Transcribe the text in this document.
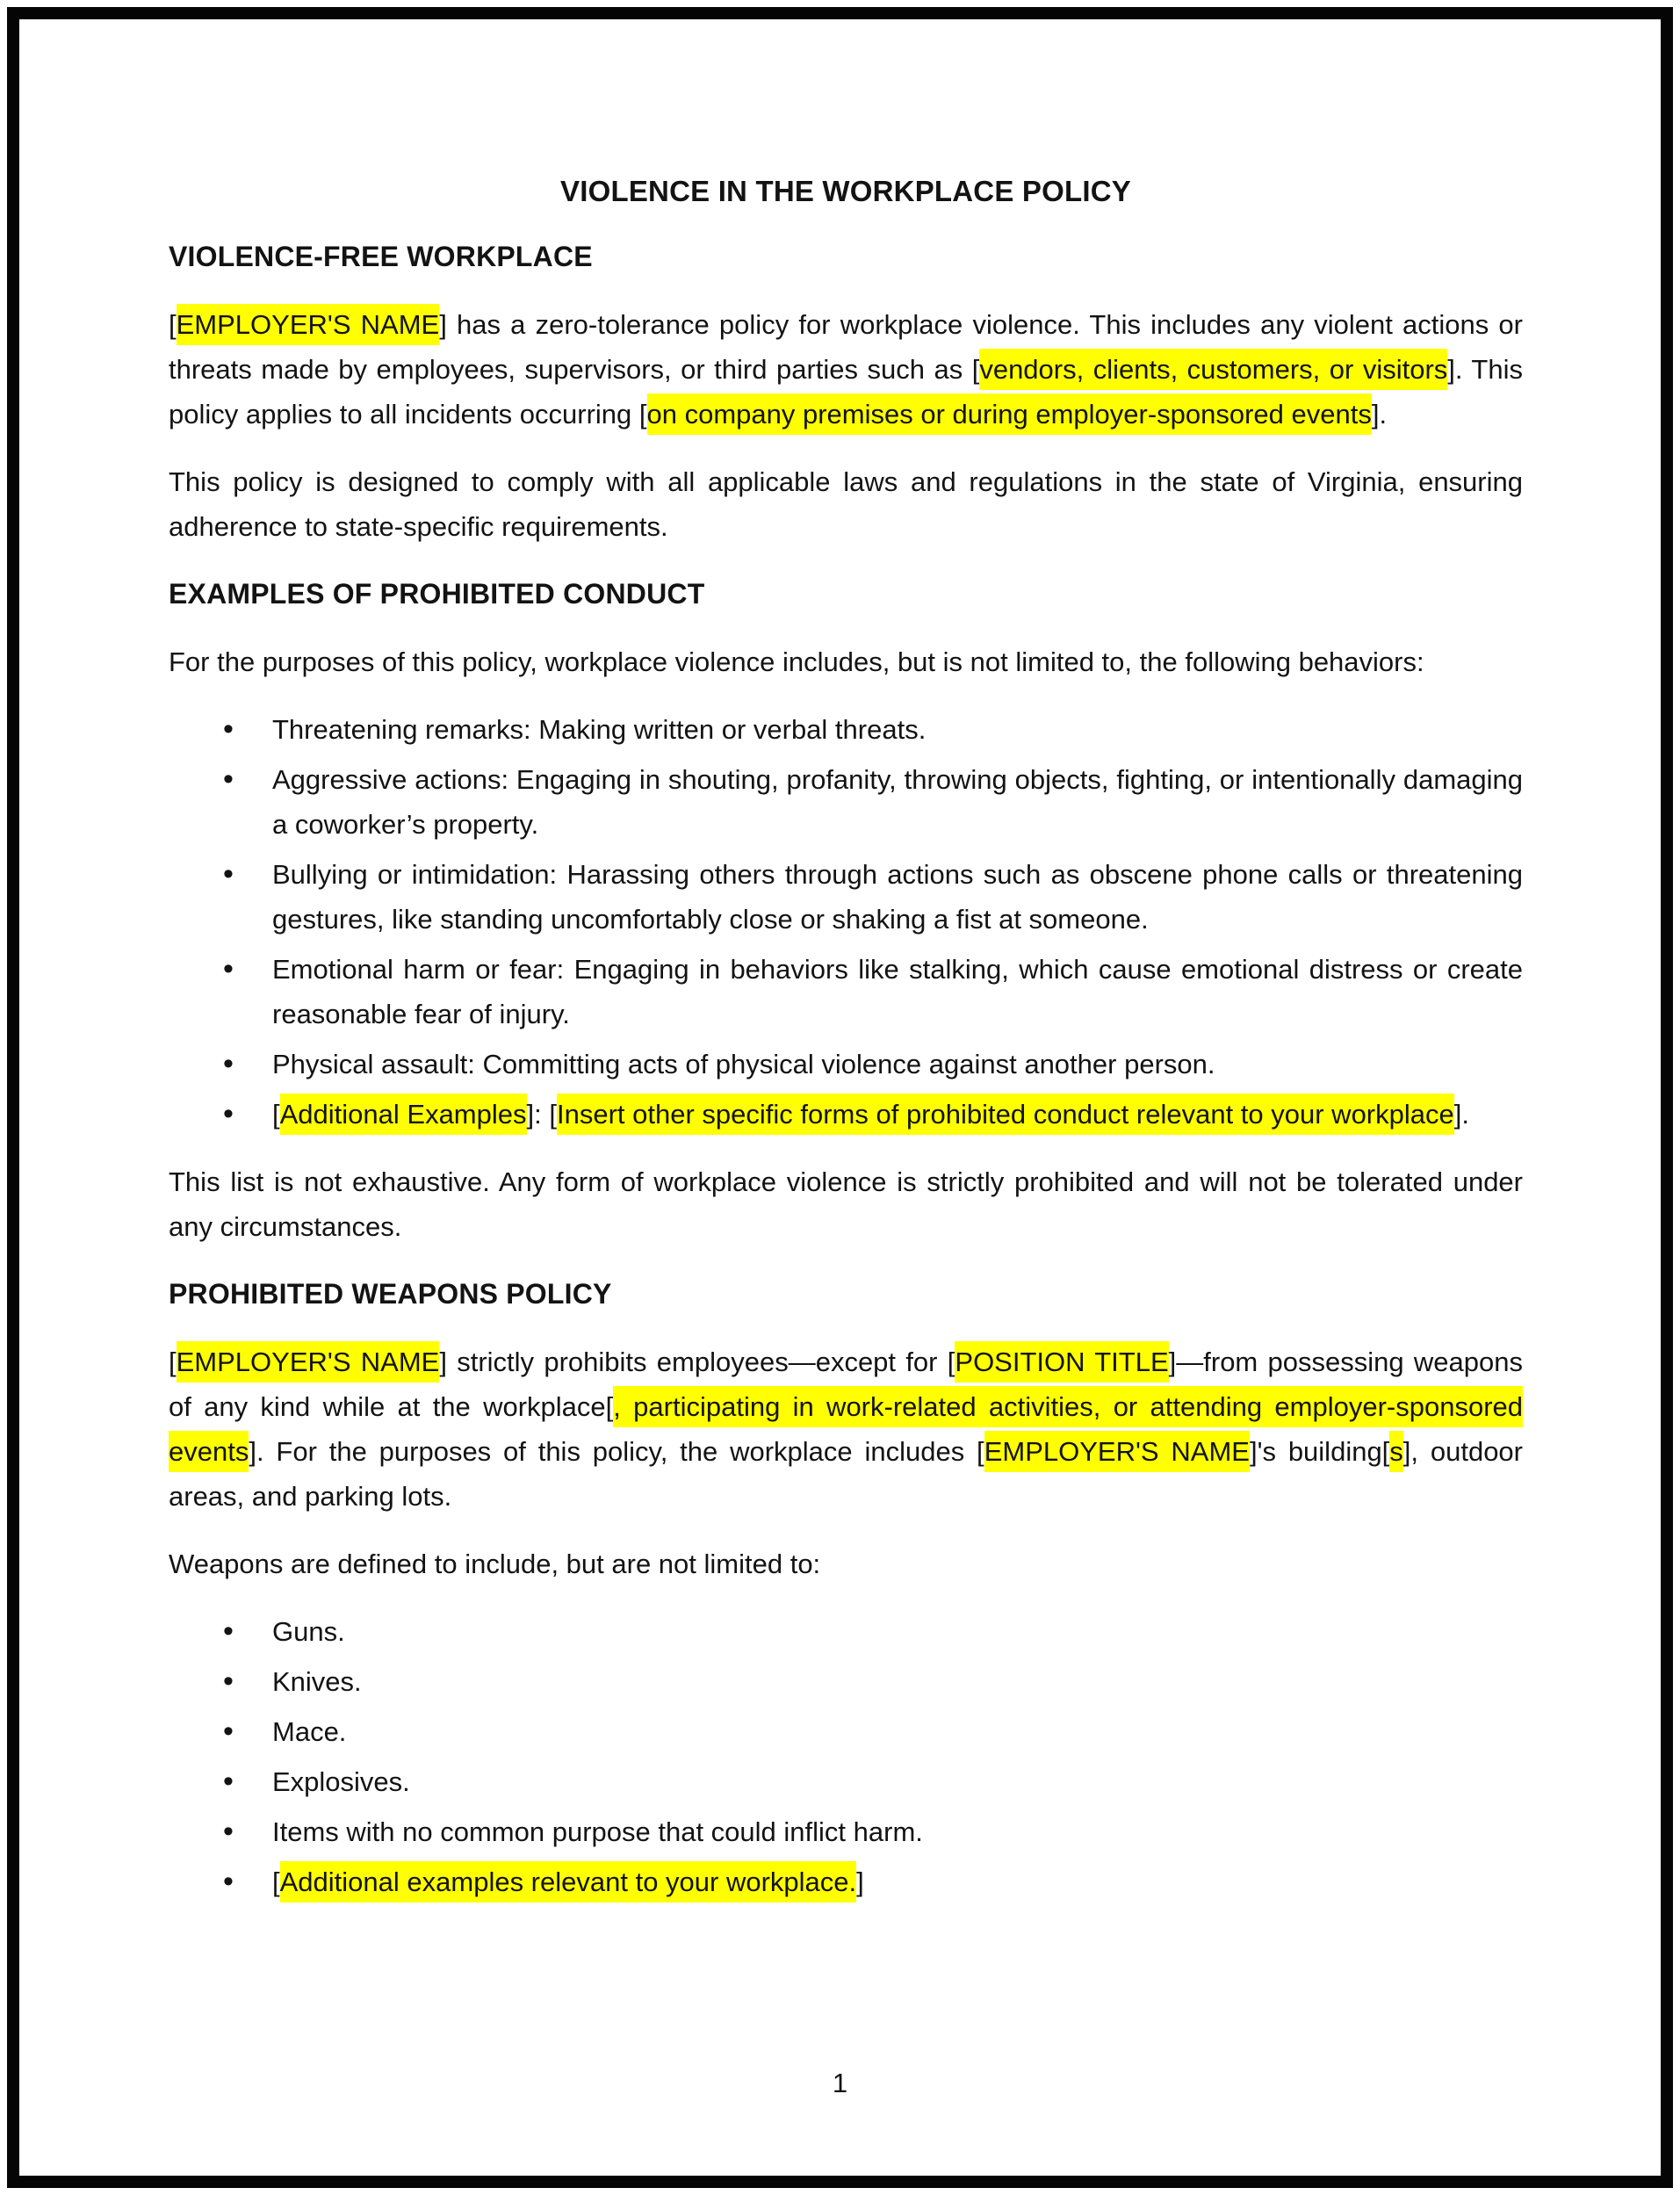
VIOLENCE IN THE WORKPLACE POLICY
VIOLENCE-FREE WORKPLACE
[EMPLOYER'S NAME] has a zero-tolerance policy for workplace violence. This includes any violent actions or threats made by employees, supervisors, or third parties such as [vendors, clients, customers, or visitors]. This policy applies to all incidents occurring [on company premises or during employer-sponsored events].
This policy is designed to comply with all applicable laws and regulations in the state of Virginia, ensuring adherence to state-specific requirements.
EXAMPLES OF PROHIBITED CONDUCT
For the purposes of this policy, workplace violence includes, but is not limited to, the following behaviors:
• Threatening remarks: Making written or verbal threats.
• Aggressive actions: Engaging in shouting, profanity, throwing objects, fighting, or intentionally damaging a coworker’s property.
• Bullying or intimidation: Harassing others through actions such as obscene phone calls or threatening gestures, like standing uncomfortably close or shaking a fist at someone.
• Emotional harm or fear: Engaging in behaviors like stalking, which cause emotional distress or create reasonable fear of injury.
• Physical assault: Committing acts of physical violence against another person.
• [Additional Examples]: [Insert other specific forms of prohibited conduct relevant to your workplace].
This list is not exhaustive. Any form of workplace violence is strictly prohibited and will not be tolerated under any circumstances.
PROHIBITED WEAPONS POLICY
[EMPLOYER'S NAME] strictly prohibits employees—except for [POSITION TITLE]—from possessing weapons of any kind while at the workplace[, participating in work-related activities, or attending employer-sponsored events]. For the purposes of this policy, the workplace includes [EMPLOYER'S NAME]'s building[s], outdoor areas, and parking lots.
Weapons are defined to include, but are not limited to:
• Guns.
• Knives.
• Mace.
• Explosives.
• Items with no common purpose that could inflict harm.
• [Additional examples relevant to your workplace.]
1
